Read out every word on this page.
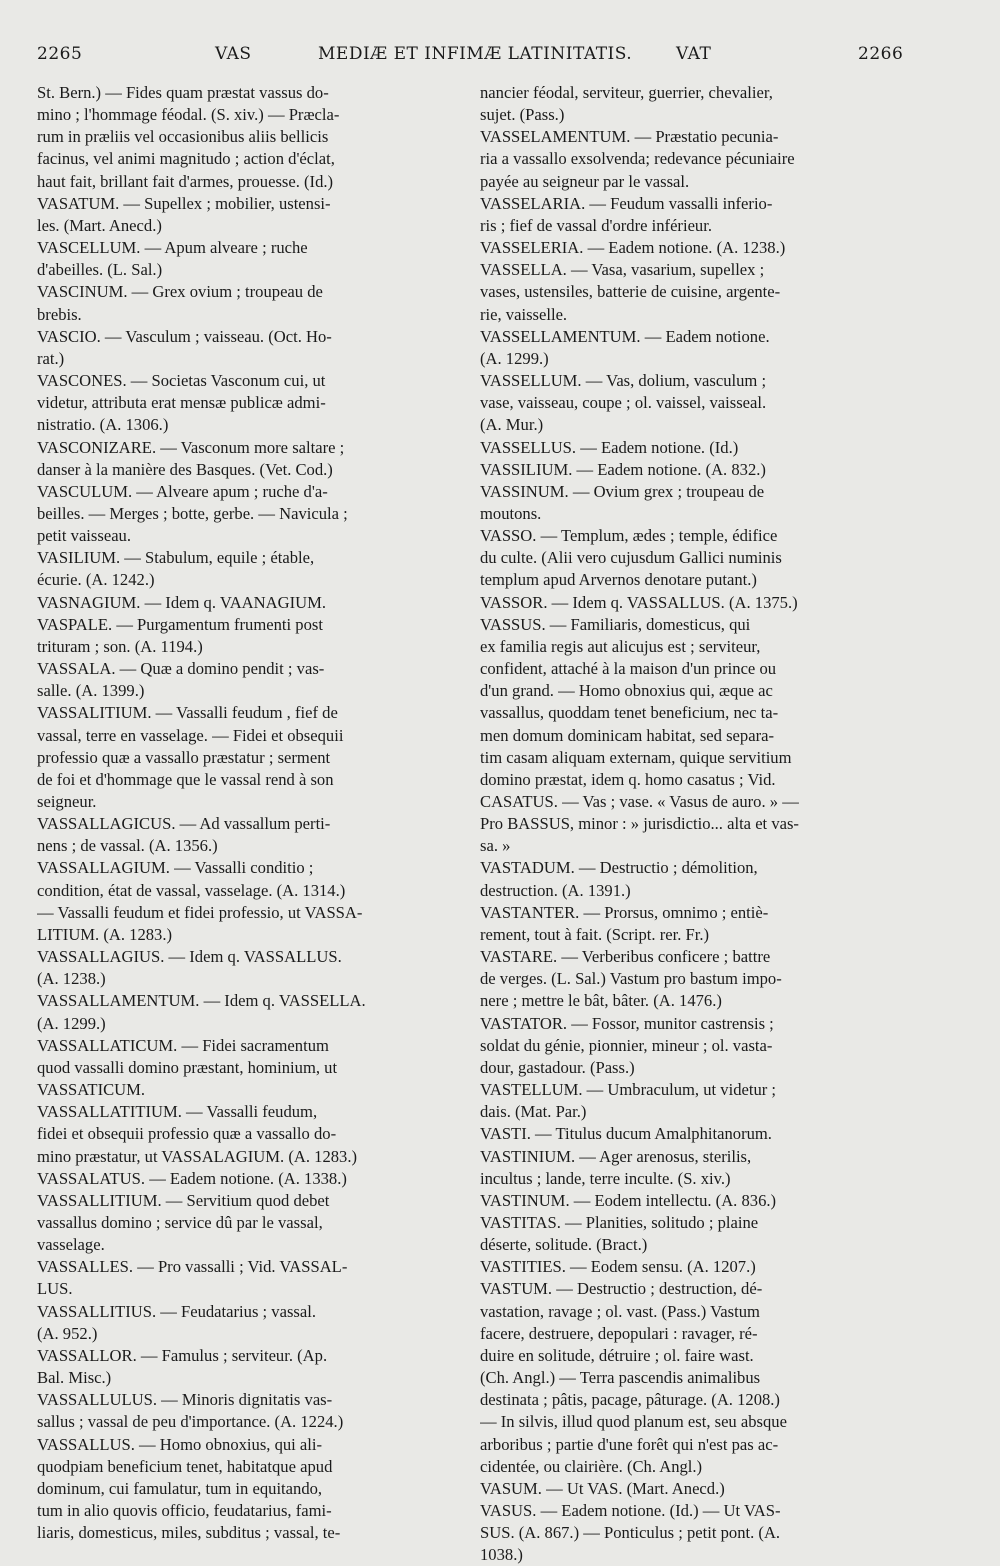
2265	VAS	MEDIÆ ET INFIMÆ LATINITATIS.	VAT	2266
St. Bern.) — Fides quam præstat vassus do-
mino ; l'hommage féodal. (S. xiv.) — Præcla-
rum in præliis vel occasionibus aliis bellicis
facinus, vel animi magnitudo ; action d'éclat,
haut fait, brillant fait d'armes, prouesse. (Id.)
VASATUM. — Supellex ; mobilier, ustensi-
les. (Mart. Anecd.)
VASCELLUM. — Apum alveare ; ruche
d'abeilles. (L. Sal.)
VASCINUM. — Grex ovium ; troupeau de
brebis.
VASCIO. — Vasculum ; vaisseau. (Oct. Ho-
rat.)
VASCONES. — Societas Vasconum cui, ut
videtur, attributa erat mensæ publicæ admi-
nistratio. (A. 1306.)
VASCONIZARE. — Vasconum more saltare ;
danser à la manière des Basques. (Vet. Cod.)
VASCULUM. — Alveare apum ; ruche d'a-
beilles. — Merges ; botte, gerbe. — Navicula ;
petit vaisseau.
VASILIUM. — Stabulum, equile ; étable,
écurie. (A. 1242.)
VASNAGIUM. — Idem q. VAANAGIUM.
VASPALE. — Purgamentum frumenti post
trituram ; son. (A. 1194.)
VASSALA. — Quæ a domino pendit ; vas-
salle. (A. 1399.)
VASSALITIUM. — Vassalli feudum , fief de
vassal, terre en vasselage. — Fidei et obsequii
professio quæ a vassallo præstatur ; serment
de foi et d'hommage que le vassal rend à son
seigneur.
VASSALLAGICUS. — Ad vassallum perti-
nens ; de vassal. (A. 1356.)
VASSALLAGIUM. — Vassalli conditio ;
condition, état de vassal, vasselage. (A. 1314.)
— Vassalli feudum et fidei professio, ut VASSA-
LITIUM. (A. 1283.)
VASSALLAGIUS. — Idem q. VASSALLUS.
(A. 1238.)
VASSALLAMENTUM. — Idem q. VASSELLA.
(A. 1299.)
VASSALLATICUM. — Fidei sacramentum
quod vassalli domino præstant, hominium, ut
VASSATICUM.
VASSALLATITIUM. — Vassalli feudum,
fidei et obsequii professio quæ a vassallo do-
mino præstatur, ut VASSALAGIUM. (A. 1283.)
VASSALATUS. — Eadem notione. (A. 1338.)
VASSALLITIUM. — Servitium quod debet
vassallus domino ; service dû par le vassal,
vasselage.
VASSALLES. — Pro vassalli ; Vid. VASSAL-
LUS.
VASSALLITIUS. — Feudatarius ; vassal.
(A. 952.)
VASSALLOR. — Famulus ; serviteur. (Ap.
Bal. Misc.)
VASSALLULUS. — Minoris dignitatis vas-
sallus ; vassal de peu d'importance. (A. 1224.)
VASSALLUS. — Homo obnoxius, qui ali-
quodpiam beneficium tenet, habitatque apud
dominum, cui famulatur, tum in equitando,
tum in alio quovis officio, feudatarius, fami-
liaris, domesticus, miles, subditus ; vassal, te-
nancier féodal, serviteur, guerrier, chevalier,
sujet. (Pass.)
VASSELAMENTUM. — Præstatio pecunia-
ria a vassallo exsolvenda; redevance pécuniaire
payée au seigneur par le vassal.
VASSELARIA. — Feudum vassalli inferio-
ris ; fief de vassal d'ordre inférieur.
VASSELERIA. — Eadem notione. (A. 1238.)
VASSELLA. — Vasa, vasarium, supellex ;
vases, ustensiles, batterie de cuisine, argente-
rie, vaisselle.
VASSELLAMENTUM. — Eadem notione.
(A. 1299.)
VASSELLUM. — Vas, dolium, vasculum ;
vase, vaisseau, coupe ; ol. vaissel, vaisseal.
(A. Mur.)
VASSELLUS. — Eadem notione. (Id.)
VASSILIUM. — Eadem notione. (A. 832.)
VASSINUM. — Ovium grex ; troupeau de
moutons.
VASSO. — Templum, ædes ; temple, édifice
du culte. (Alii vero cujusdum Gallici numinis
templum apud Arvernos denotare putant.)
VASSOR. — Idem q. VASSALLUS. (A. 1375.)
VASSUS. — Familiaris, domesticus, qui
ex familia regis aut alicujus est ; serviteur,
confident, attaché à la maison d'un prince ou
d'un grand. — Homo obnoxius qui, æque ac
vassallus, quoddam tenet beneficium, nec ta-
men domum dominicam habitat, sed separa-
tim casam aliquam externam, quique servitium
domino præstat, idem q. homo casatus ; Vid.
CASATUS. — Vas ; vase. « Vasus de auro. » —
Pro BASSUS, minor : » jurisdictio... alta et vas-
sa. »
VASTADUM. — Destructio ; démolition,
destruction. (A. 1391.)
VASTANTER. — Prorsus, omnimo ; entiè-
rement, tout à fait. (Script. rer. Fr.)
VASTARE. — Verberibus conficere ; battre
de verges. (L. Sal.) Vastum pro bastum impo-
nere ; mettre le bât, bâter. (A. 1476.)
VASTATOR. — Fossor, munitor castrensis ;
soldat du génie, pionnier, mineur ; ol. vasta-
dour, gastadour. (Pass.)
VASTELLUM. — Umbraculum, ut videtur ;
dais. (Mat. Par.)
VASTI. — Titulus ducum Amalphitanorum.
VASTINIUM. — Ager arenosus, sterilis,
incultus ; lande, terre inculte. (S. xiv.)
VASTINUM. — Eodem intellectu. (A. 836.)
VASTITAS. — Planities, solitudo ; plaine
déserte, solitude. (Bract.)
VASTITIES. — Eodem sensu. (A. 1207.)
VASTUM. — Destructio ; destruction, dé-
vastation, ravage ; ol. vast. (Pass.) Vastum
facere, destruere, depopulari : ravager, ré-
duire en solitude, détruire ; ol. faire wast.
(Ch. Angl.) — Terra pascendis animalibus
destinata ; pâtis, pacage, pâturage. (A. 1208.)
— In silvis, illud quod planum est, seu absque
arboribus ; partie d'une forêt qui n'est pas ac-
cidentée, ou clairière. (Ch. Angl.)
VASUM. — Ut VAS. (Mart. Anecd.)
VASUS. — Eadem notione. (Id.) — Ut VAS-
SUS. (A. 867.) — Ponticulus ; petit pont. (A.
1038.)
